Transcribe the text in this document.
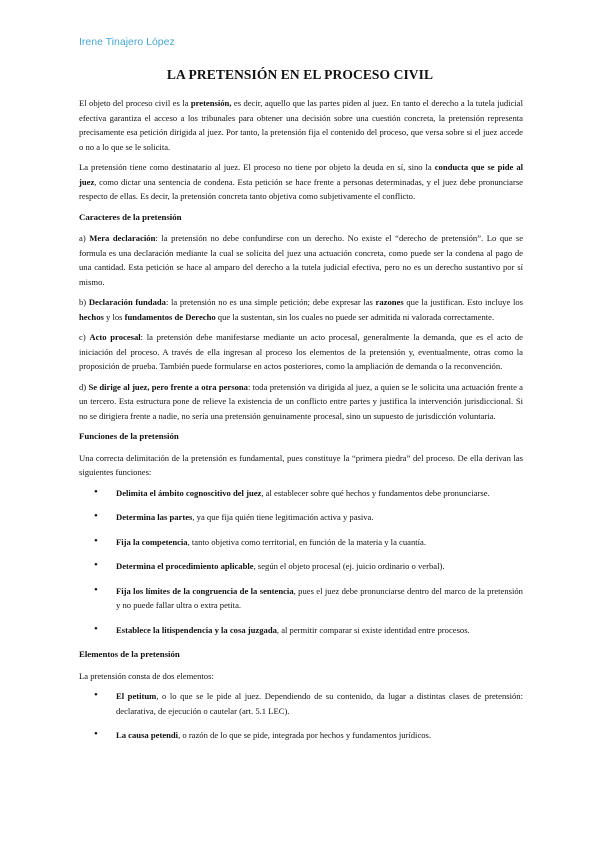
Irene Tinajero López
LA PRETENSIÓN EN EL PROCESO CIVIL

El objeto del proceso civil es la pretensión, es decir, aquello que las partes piden al juez. En tanto el derecho a la tutela judicial efectiva garantiza el acceso a los tribunales para obtener una decisión sobre una cuestión concreta, la pretensión representa precisamente esa petición dirigida al juez. Por tanto, la pretensión fija el contenido del proceso, que versa sobre si el juez accede o no a lo que se le solicita.

La pretensión tiene como destinatario al juez. El proceso no tiene por objeto la deuda en sí, sino la conducta que se pide al juez, como dictar una sentencia de condena. Esta petición se hace frente a personas determinadas, y el juez debe pronunciarse respecto de ellas. Es decir, la pretensión concreta tanto objetiva como subjetivamente el conflicto.

Caracteres de la pretensión

a) Mera declaración: la pretensión no debe confundirse con un derecho. No existe el “derecho de pretensión”. Lo que se formula es una declaración mediante la cual se solicita del juez una actuación concreta, como puede ser la condena al pago de una cantidad. Esta petición se hace al amparo del derecho a la tutela judicial efectiva, pero no es un derecho sustantivo por sí mismo.

b) Declaración fundada: la pretensión no es una simple petición; debe expresar las razones que la justifican. Esto incluye los hechos y los fundamentos de Derecho que la sustentan, sin los cuales no puede ser admitida ni valorada correctamente.

c) Acto procesal: la pretensión debe manifestarse mediante un acto procesal, generalmente la demanda, que es el acto de iniciación del proceso. A través de ella ingresan al proceso los elementos de la pretensión y, eventualmente, otras como la proposición de prueba. También puede formularse en actos posteriores, como la ampliación de demanda o la reconvención.

d) Se dirige al juez, pero frente a otra persona: toda pretensión va dirigida al juez, a quien se le solicita una actuación frente a un tercero. Esta estructura pone de relieve la existencia de un conflicto entre partes y justifica la intervención jurisdiccional. Si no se dirigiera frente a nadie, no sería una pretensión genuinamente procesal, sino un supuesto de jurisdicción voluntaria.

Funciones de la pretensión

Una correcta delimitación de la pretensión es fundamental, pues constituye la “primera piedra” del proceso. De ella derivan las siguientes funciones:

• Delimita el ámbito cognoscitivo del juez, al establecer sobre qué hechos y fundamentos debe pronunciarse.
• Determina las partes, ya que fija quién tiene legitimación activa y pasiva.
• Fija la competencia, tanto objetiva como territorial, en función de la materia y la cuantía.
• Determina el procedimiento aplicable, según el objeto procesal (ej. juicio ordinario o verbal).
• Fija los límites de la congruencia de la sentencia, pues el juez debe pronunciarse dentro del marco de la pretensión y no puede fallar ultra o extra petita.
• Establece la litispendencia y la cosa juzgada, al permitir comparar si existe identidad entre procesos.
Elementos de la pretensión

La pretensión consta de dos elementos:

• El petitum, o lo que se le pide al juez. Dependiendo de su contenido, da lugar a distintas clases de pretensión: declarativa, de ejecución o cautelar (art. 5.1 LEC).
• La causa petendi, o razón de lo que se pide, integrada por hechos y fundamentos jurídicos.
